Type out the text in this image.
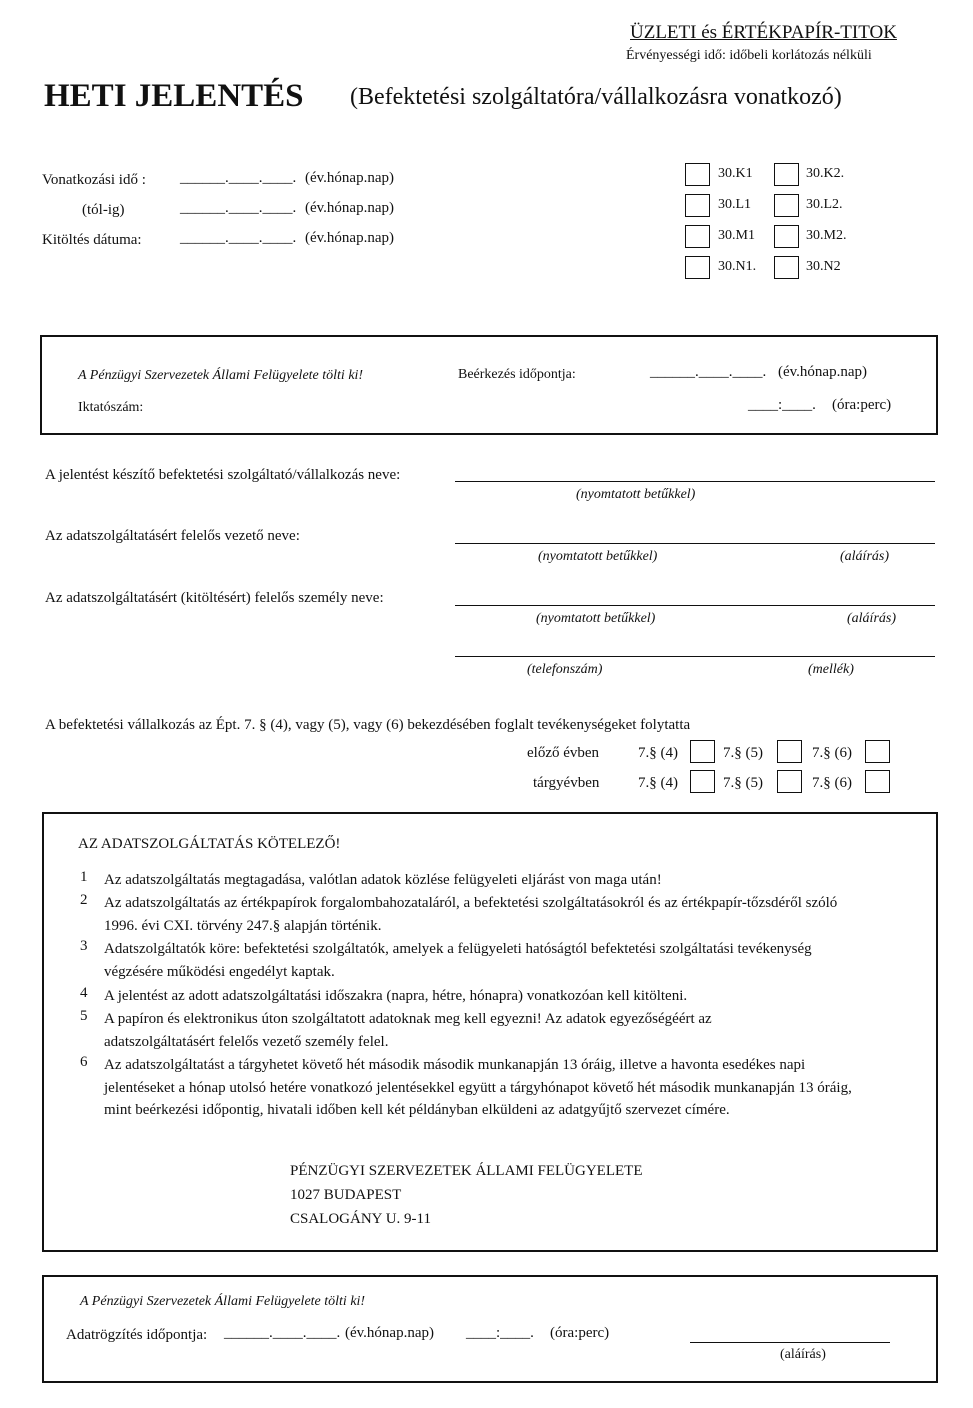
ÜZLETI és ÉRTÉKPAPÍR-TITOK
Érvényességi idő: időbeli korlátozás nélküli
HETI JELENTÉS (Befektetési szolgáltatóra/vállalkozásra vonatkozó)
Vonatkozási idő : ______.____.____. (év.hónap.nap)
(tól-ig)	______.____.____. (év.hónap.nap)
Kitöltés dátuma:	______.____.____. (év.hónap.nap)
30.K1	30.K2.
30.L1	30.L2.
30.M1	30.M2.
30.N1.	30.N2
A Pénzügyi Szervezetek Állami Felügyelete tölti ki!	Beérkezés időpontja:	______.____.____. (év.hónap.nap)
Iktatószám:	____:____. (óra:perc)
A jelentést készítő befektetési szolgáltató/vállalkozás neve:
(nyomtatott betűkkel)
Az adatszolgáltatásért felelős vezető neve:
(nyomtatott betűkkel)	(aláírás)
Az adatszolgáltatásért (kitöltésért) felelős személy neve:
(nyomtatott betűkkel)	(aláírás)
(telefonszám)	(mellék)
A befektetési vállalkozás az Épt. 7. § (4), vagy (5), vagy (6) bekezdésében foglalt tevékenységeket folytatta
előző évben	7.§ (4)	7.§ (5)	7.§ (6)
tárgyévben	7.§ (4)	7.§ (5)	7.§ (6)
AZ ADATSZOLGÁLTATÁS KÖTELEZŐ!
1 Az adatszolgáltatás megtagadása, valótlan adatok közlése felügyeleti eljárást von maga után!
2 Az adatszolgáltatás az értékpapírok forgalombahozataláról, a befektetési szolgáltatásokról és az értékpapír-tőzsdéről szóló 1996. évi CXI. törvény 247.§ alapján történik.
3 Adatszolgáltatók köre: befektetési szolgáltatók, amelyek a felügyeleti hatóságtól befektetési szolgáltatási tevékenység végzésére működési engedélyt kaptak.
4 A jelentést az adott adatszolgáltatási időszakra (napra, hétre, hónapra) vonatkozóan kell kitölteni.
5 A papíron és elektronikus úton szolgáltatott adatoknak meg kell egyezni! Az adatok egyezőségéért az adatszolgáltatásért felelős vezető személy felel.
6 Az adatszolgáltatást a tárgyhetet követő hét második második munkanapján 13 óráig, illetve a havonta esedékes napi jelentéseket a hónap utolsó hetére vonatkozó jelentésekkel együtt a tárgyhónapot követő hét második munkanapján 13 óráig, mint beérkezési időpontig, hivatali időben kell két példányban elküldeni az adatgyűjtő szervezet címére.
PÉNZÜGYI SZERVEZETEK ÁLLAMI FELÜGYELETE
1027 BUDAPEST
CSALOGÁNY U. 9-11
A Pénzügyi Szervezetek Állami Felügyelete tölti ki!
Adatrögzítés időpontja: ______.____.____. (év.hónap.nap) ____:____. (óra:perc)
(aláírás)
